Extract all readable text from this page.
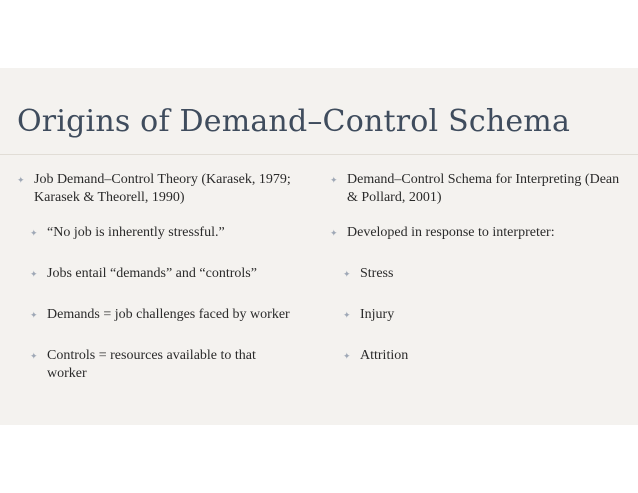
Origins of Demand–Control Schema
✦ Job Demand–Control Theory (Karasek, 1979; Karasek & Theorell, 1990)
✦ “No job is inherently stressful.”
✦ Jobs entail “demands” and “controls”
✦ Demands = job challenges faced by worker
✦ Controls = resources available to that worker
✦ Demand–Control Schema for Interpreting (Dean & Pollard, 2001)
✦ Developed in response to interpreter:
✦ Stress
✦ Injury
✦ Attrition
